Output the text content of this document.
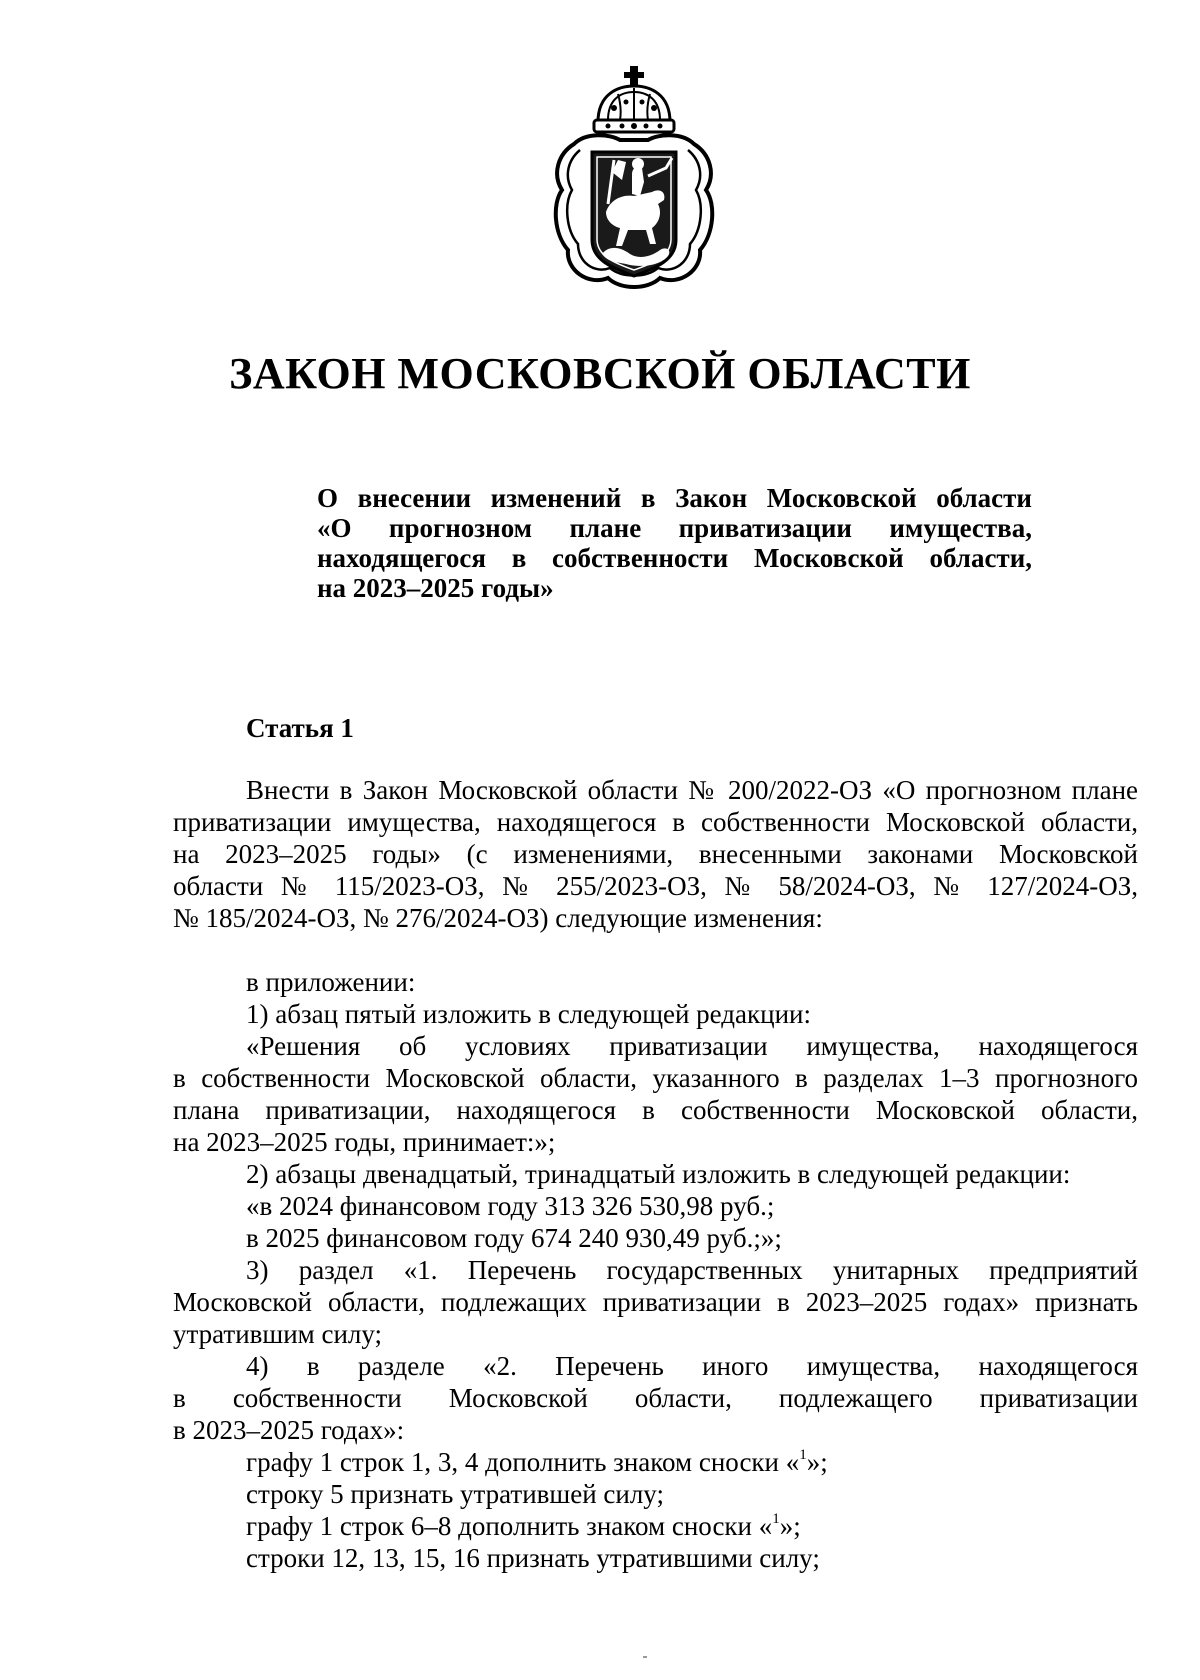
ЗАКОН МОСКОВСКОЙ ОБЛАСТИ
О внесении изменений в Закон Московской области
«О прогнозном плане приватизации имущества,
находящегося в собственности Московской области,
на 2023–2025 годы»
Статья 1
Внести в Закон Московской области № 200/2022-ОЗ «О прогнозном плане
приватизации имущества, находящегося в собственности Московской области,
на 2023–2025 годы» (с изменениями, внесенными законами Московской
области № 115/2023-ОЗ, № 255/2023-ОЗ, № 58/2024-ОЗ, № 127/2024-ОЗ,
№ 185/2024-ОЗ, № 276/2024-ОЗ) следующие изменения:
в приложении:
1) абзац пятый изложить в следующей редакции:
«Решения об условиях приватизации имущества, находящегося
в собственности Московской области, указанного в разделах 1–3 прогнозного
плана приватизации, находящегося в собственности Московской области,
на 2023–2025 годы, принимает:»;
2) абзацы двенадцатый, тринадцатый изложить в следующей редакции:
«в 2024 финансовом году 313 326 530,98 руб.;
в 2025 финансовом году 674 240 930,49 руб.;»;
3) раздел «1. Перечень государственных унитарных предприятий
Московской области, подлежащих приватизации в 2023–2025 годах» признать
утратившим силу;
4) в разделе «2. Перечень иного имущества, находящегося
в собственности Московской области, подлежащего приватизации
в 2023–2025 годах»:
графу 1 строк 1, 3, 4 дополнить знаком сноски «$^1$»;
строку 5 признать утратившей силу;
графу 1 строк 6–8 дополнить знаком сноски «$^1$»;
строки 12, 13, 15, 16 признать утратившими силу;
